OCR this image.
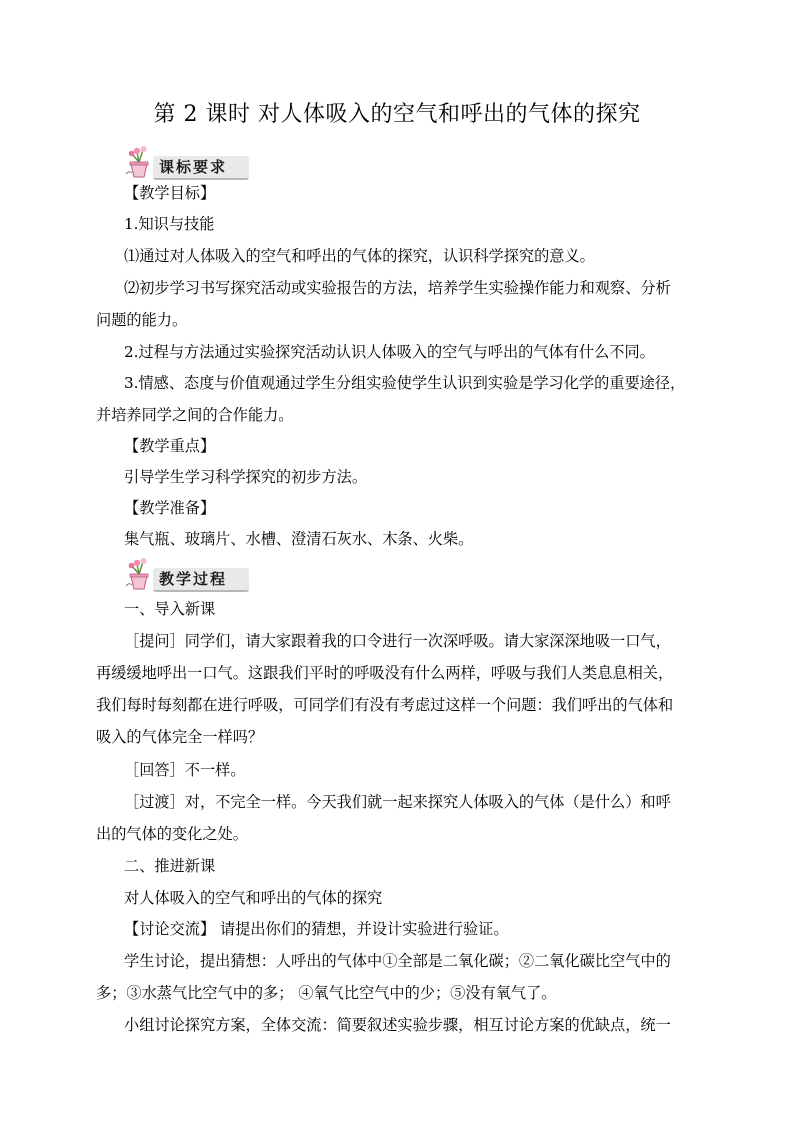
第 2 课时 对人体吸入的空气和呼出的气体的探究
课标要求
【教学目标】
1.知识与技能
⑴通过对人体吸入的空气和呼出的气体的探究，认识科学探究的意义。
⑵初步学习书写探究活动或实验报告的方法，培养学生实验操作能力和观察、分析
问题的能力。
2.过程与方法通过实验探究活动认识人体吸入的空气与呼出的气体有什么不同。
3.情感、态度与价值观通过学生分组实验使学生认识到实验是学习化学的重要途径，
并培养同学之间的合作能力。
【教学重点】
引导学生学习科学探究的初步方法。
【教学准备】
集气瓶、玻璃片、水槽、澄清石灰水、木条、火柴。
教学过程
一、导入新课
［提问］同学们，请大家跟着我的口令进行一次深呼吸。请大家深深地吸一口气，
再缓缓地呼出一口气。这跟我们平时的呼吸没有什么两样，呼吸与我们人类息息相关，
我们每时每刻都在进行呼吸，可同学们有没有考虑过这样一个问题：我们呼出的气体和
吸入的气体完全一样吗？
［回答］不一样。
［过渡］对，不完全一样。今天我们就一起来探究人体吸入的气体（是什么）和呼
出的气体的变化之处。
二、推进新课
对人体吸入的空气和呼出的气体的探究
【讨论交流】 请提出你们的猜想，并设计实验进行验证。
学生讨论，提出猜想：人呼出的气体中①全部是二氧化碳；②二氧化碳比空气中的
多；③水蒸气比空气中的多； ④氧气比空气中的少；⑤没有氧气了。
小组讨论探究方案，全体交流：简要叙述实验步骤，相互讨论方案的优缺点，统一
